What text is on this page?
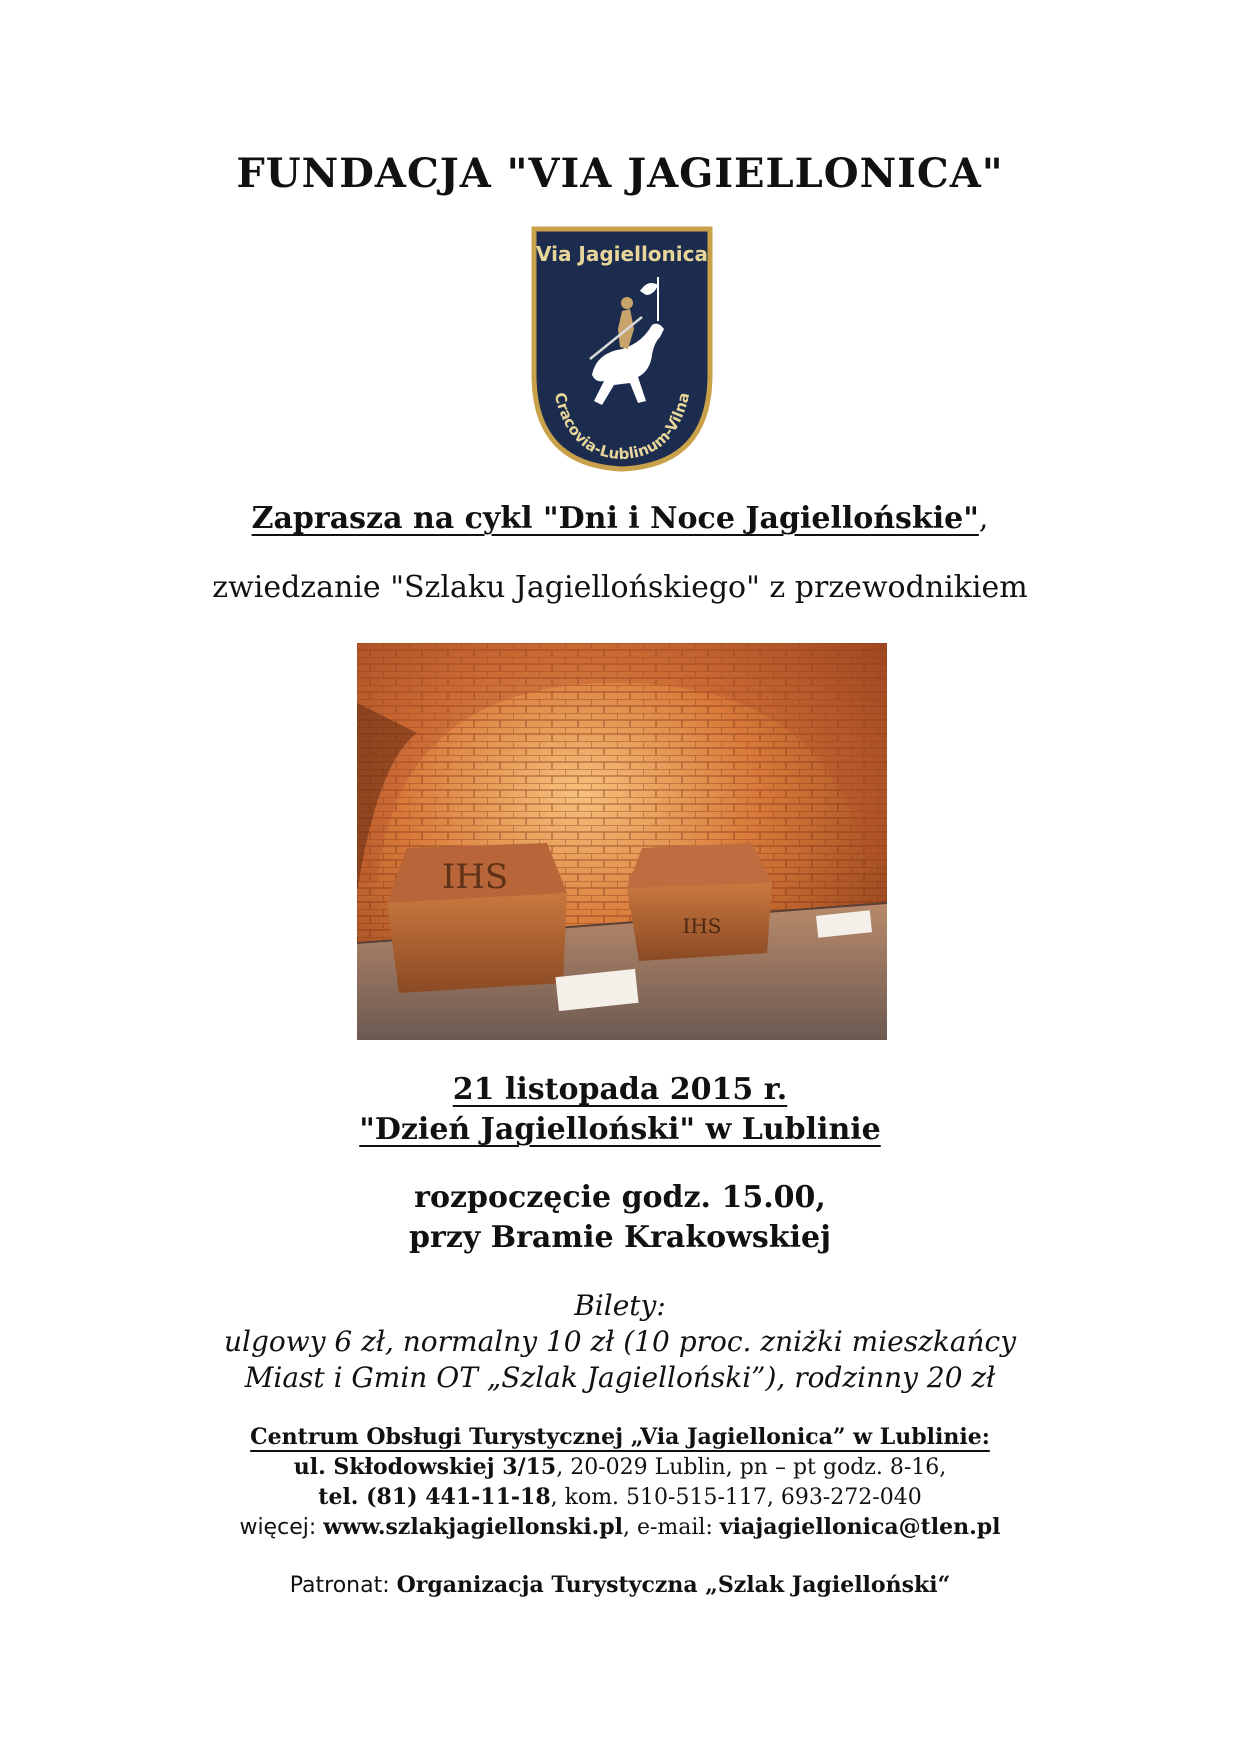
FUNDACJA "VIA JAGIELLONICA"
Via Jagiellonica
Cracovia-Lublinum-Vilna
Zaprasza na cykl "Dni i Noce Jagiellońskie",
zwiedzanie "Szlaku Jagiellońskiego" z przewodnikiem
IHS
IHS
21 listopada 2015 r.
"Dzień Jagielloński" w Lublinie
rozpoczęcie godz. 15.00,
przy Bramie Krakowskiej
Bilety:
ulgowy 6 zł, normalny 10 zł (10 proc. zniżki mieszkańcy
Miast i Gmin OT „Szlak Jagielloński”), rodzinny 20 zł
Centrum Obsługi Turystycznej „Via Jagiellonica” w Lublinie:
ul. Skłodowskiej 3/15, 20-029 Lublin, pn – pt godz. 8-16,
tel. (81) 441-11-18, kom. 510-515-117, 693-272-040
więcej: www.szlakjagiellonski.pl, e-mail: viajagiellonica@tlen.pl
Patronat: Organizacja Turystyczna „Szlak Jagielloński“
